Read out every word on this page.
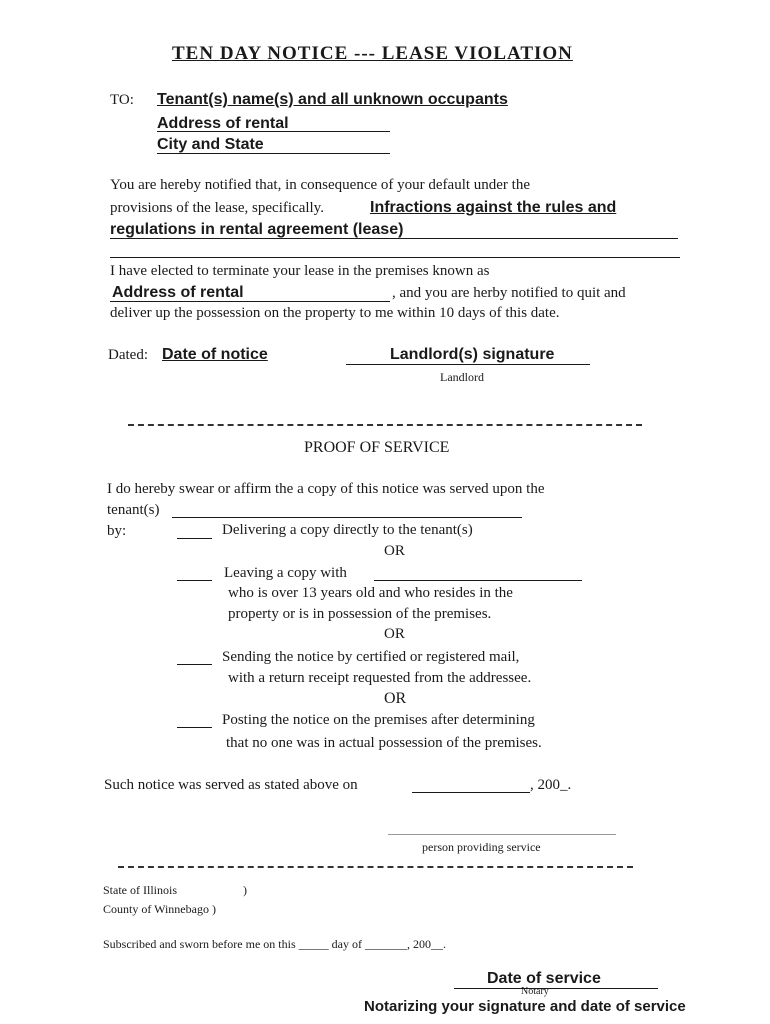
TEN DAY NOTICE --- LEASE VIOLATION
TO: Tenant(s) name(s) and all unknown occupants
Address of rental
City and State
You are hereby notified that, in consequence of your default under the
provisions of the lease, specifically.	Infractions against the rules and
regulations in rental agreement (lease)
I have elected to terminate your lease in the premises known as
Address of rental	, and you are herby notified to quit and
deliver up the possession on the property to me within 10 days of this date.
Dated: Date of notice	Landlord(s) signature
Landlord
PROOF OF SERVICE
I do hereby swear or affirm the a copy of this notice was served upon the
tenant(s)
by:	Delivering a copy directly to the tenant(s)
OR
Leaving a copy with
who is over 13 years old and who resides in the
property or is in possession of the premises.
OR
Sending the notice by certified or registered mail,
with a return receipt requested from the addressee.
OR
Posting the notice on the premises after determining
that no one was in actual possession of the premises.
Such notice was served as stated above on	, 200_.
person providing service
State of Illinois	)
County of Winnebago )
Subscribed and sworn before me on this _____ day of _______, 200__.
Date of service
Notary
Notarizing your signature and date of service
